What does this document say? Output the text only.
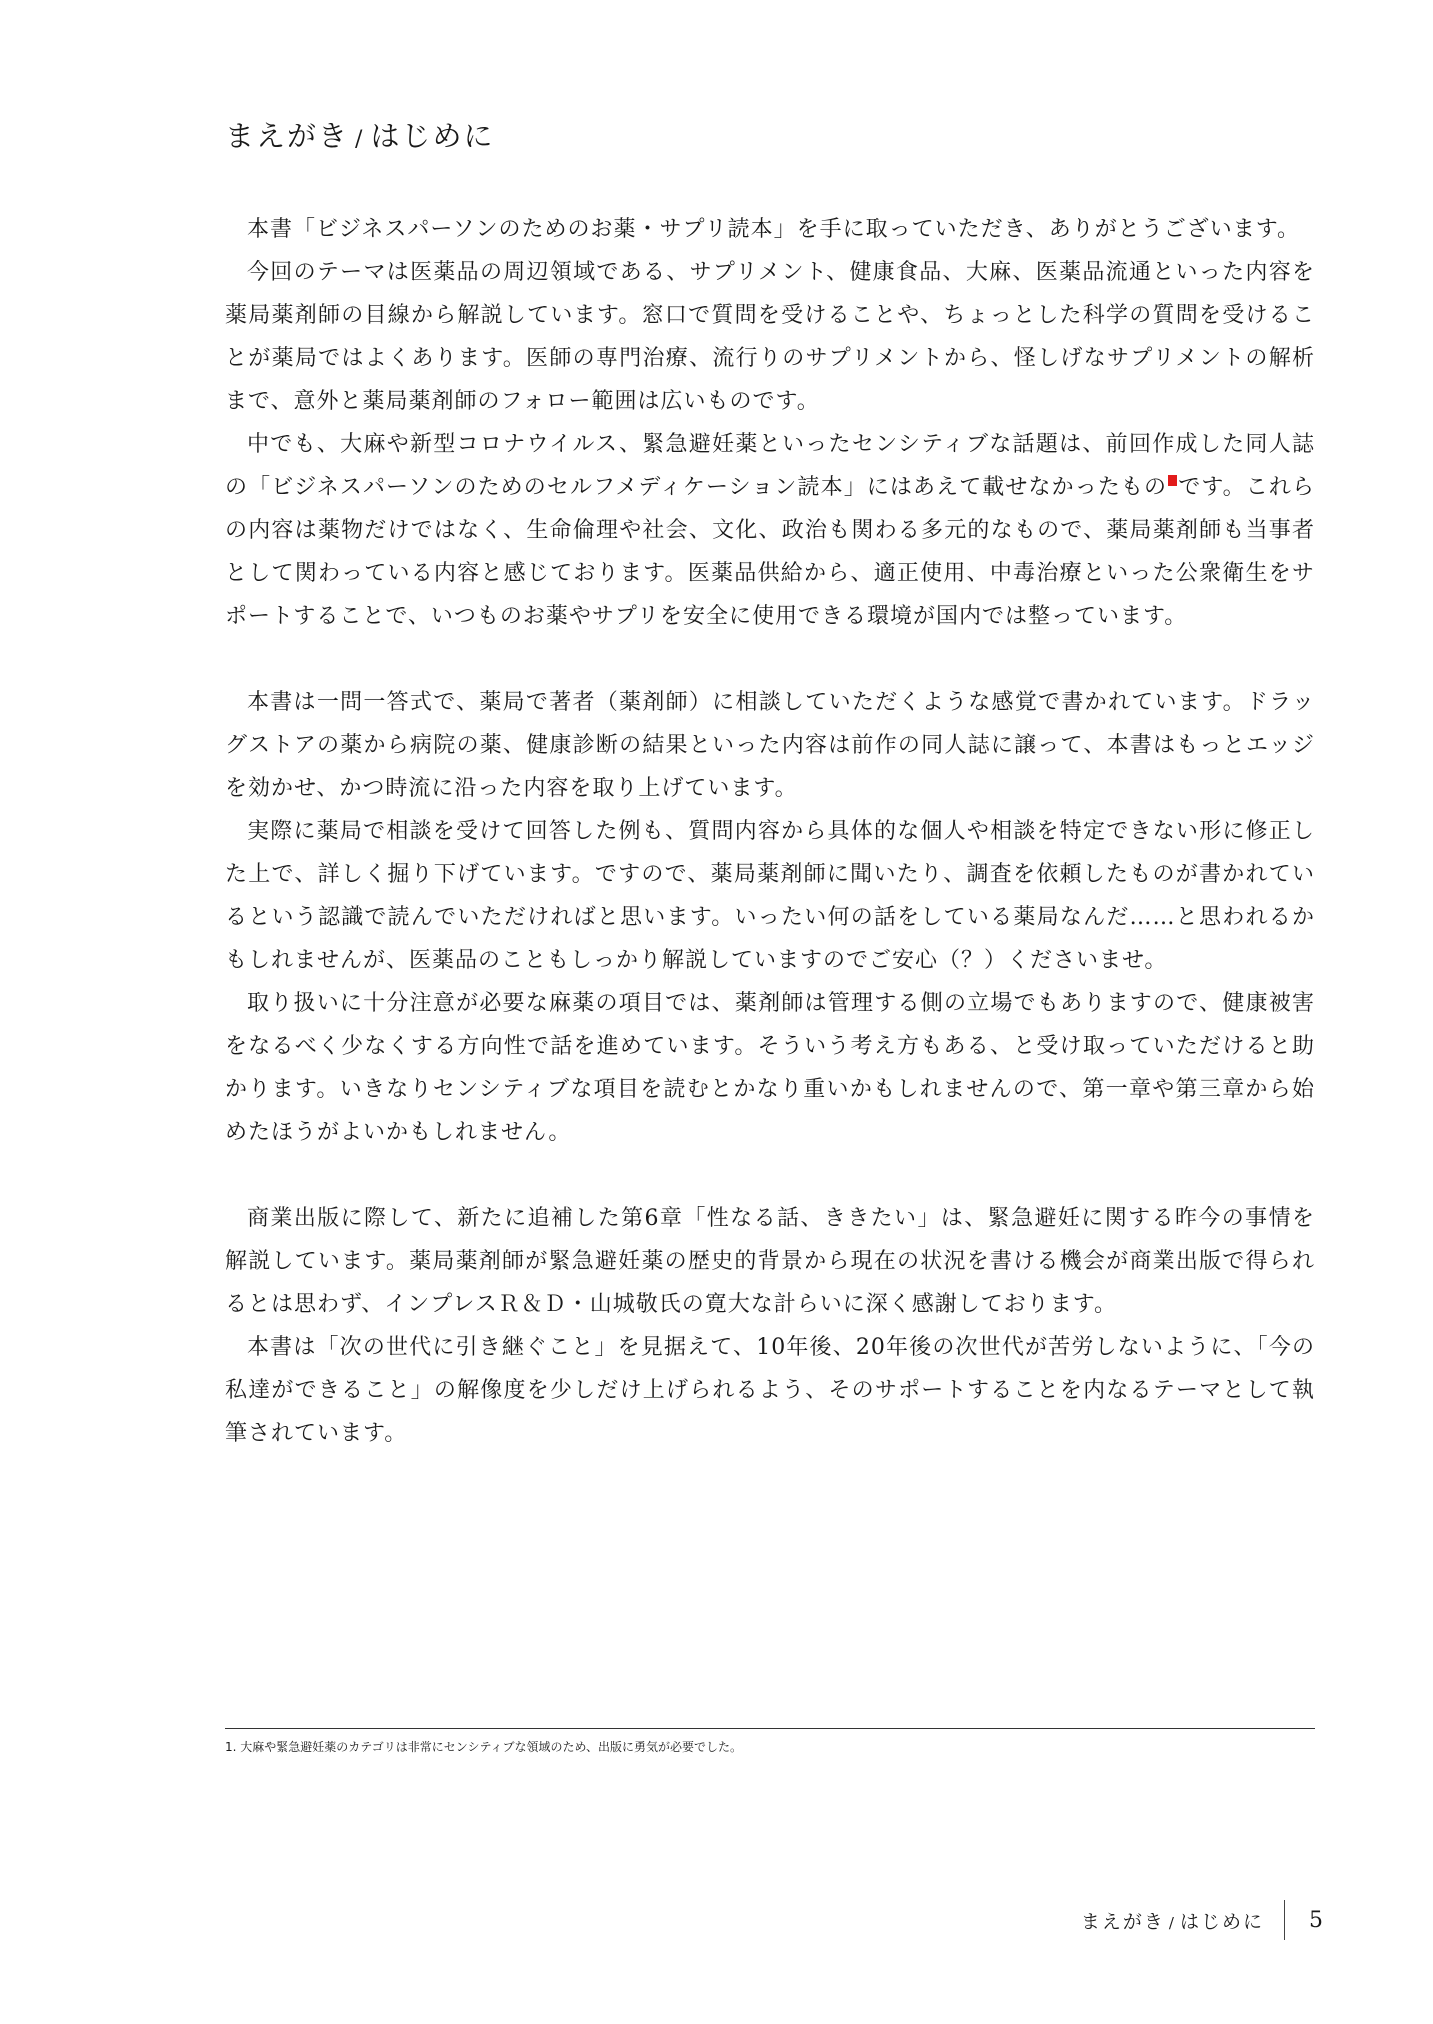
まえがき / はじめに

本書「ビジネスパーソンのためのお薬・サプリ読本」を手に取っていただき、ありがとうございます。

今回のテーマは医薬品の周辺領域である、サプリメント、健康食品、大麻、医薬品流通といった内容を薬局薬剤師の目線から解説しています。窓口で質問を受けることや、ちょっとした科学の質問を受けることが薬局ではよくあります。医師の専門治療、流行りのサプリメントから、怪しげなサプリメントの解析まで、意外と薬局薬剤師のフォロー範囲は広いものです。

中でも、大麻や新型コロナウイルス、緊急避妊薬といったセンシティブな話題は、前回作成した同人誌の「ビジネスパーソンのためのセルフメディケーション読本」にはあえて載せなかったもの です。これらの内容は薬物だけではなく、生命倫理や社会、文化、政治も関わる多元的なもので、薬局薬剤師も当事者として関わっている内容と感じております。医薬品供給から、適正使用、中毒治療といった公衆衛生をサポートすることで、いつものお薬やサプリを安全に使用できる環境が国内では整っています。

本書は一問一答式で、薬局で著者（薬剤師）に相談していただくような感覚で書かれています。ドラッグストアの薬から病院の薬、健康診断の結果といった内容は前作の同人誌に譲って、本書はもっとエッジを効かせ、かつ時流に沿った内容を取り上げています。

実際に薬局で相談を受けて回答した例も、質問内容から具体的な個人や相談を特定できない形に修正した上で、詳しく掘り下げています。ですので、薬局薬剤師に聞いたり、調査を依頼したものが書かれているという認識で読んでいただければと思います。いったい何の話をしている薬局なんだ……と思われるかもしれませんが、医薬品のこともしっかり解説していますのでご安心（？）くださいませ。

取り扱いに十分注意が必要な麻薬の項目では、薬剤師は管理する側の立場でもありますので、健康被害をなるべく少なくする方向性で話を進めています。そういう考え方もある、と受け取っていただけると助かります。いきなりセンシティブな項目を読むとかなり重いかもしれませんので、第一章や第三章から始めたほうがよいかもしれません。

商業出版に際して、新たに追補した第6章「性なる話、ききたい」は、緊急避妊に関する昨今の事情を解説しています。薬局薬剤師が緊急避妊薬の歴史的背景から現在の状況を書ける機会が商業出版で得られるとは思わず、インプレスＲ＆Ｄ・山城敬氏の寛大な計らいに深く感謝しております。

本書は「次の世代に引き継ぐこと」を見据えて、10年後、20年後の次世代が苦労しないように、「今の私達ができること」の解像度を少しだけ上げられるよう、そのサポートすることを内なるテーマとして執筆されています。

1. 大麻や緊急避妊薬のカテゴリは非常にセンシティブな領域のため、出版に勇気が必要でした。

まえがき / はじめに	5
